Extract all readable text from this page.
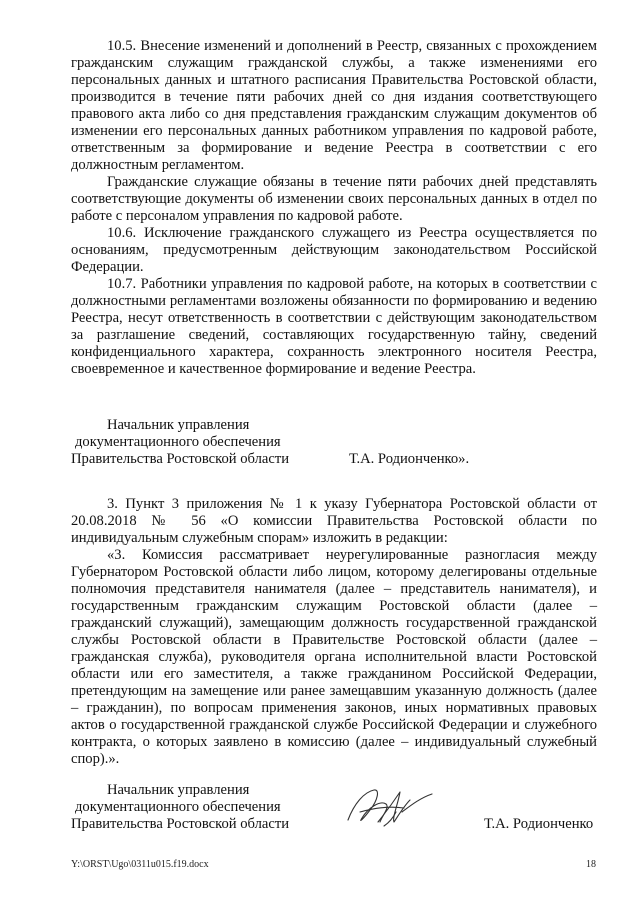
10.5. Внесение изменений и дополнений в Реестр, связанных с прохождением гражданским служащим гражданской службы, а также изменениями его персональных данных и штатного расписания Правительства Ростовской области, производится в течение пяти рабочих дней со дня издания соответствующего правового акта либо со дня представления гражданским служащим документов об изменении его персональных данных работником управления по кадровой работе, ответственным за формирование и ведение Реестра в соответствии с его должностным регламентом.

Гражданские служащие обязаны в течение пяти рабочих дней представлять соответствующие документы об изменении своих персональных данных в отдел по работе с персоналом управления по кадровой работе.

10.6. Исключение гражданского служащего из Реестра осуществляется по основаниям, предусмотренным действующим законодательством Российской Федерации.

10.7. Работники управления по кадровой работе, на которых в соответствии с должностными регламентами возложены обязанности по формированию и ведению Реестра, несут ответственность в соответствии с действующим законодательством за разглашение сведений, составляющих государственную тайну, сведений конфиденциального характера, сохранность электронного носителя Реестра, своевременное и качественное формирование и ведение Реестра.

Начальник управления
документационного обеспечения
Правительства Ростовской области	Т.А. Родионченко».

3. Пункт 3 приложения № 1 к указу Губернатора Ростовской области от 20.08.2018 № 56 «О комиссии Правительства Ростовской области по индивидуальным служебным спорам» изложить в редакции:

«3. Комиссия рассматривает неурегулированные разногласия между Губернатором Ростовской области либо лицом, которому делегированы отдельные полномочия представителя нанимателя (далее – представитель нанимателя), и государственным гражданским служащим Ростовской области (далее – гражданский служащий), замещающим должность государственной гражданской службы Ростовской области в Правительстве Ростовской области (далее – гражданская служба), руководителя органа исполнительной власти Ростовской области или его заместителя, а также гражданином Российской Федерации, претендующим на замещение или ранее замещавшим указанную должность (далее – гражданин), по вопросам применения законов, иных нормативных правовых актов о государственной гражданской службе Российской Федерации и служебного контракта, о которых заявлено в комиссию (далее – индивидуальный служебный спор).».

Начальник управления
документационного обеспечения
Правительства Ростовской области	Т.А. Родионченко
Y:\ORST\Ugo\0311u015.f19.docx	18
